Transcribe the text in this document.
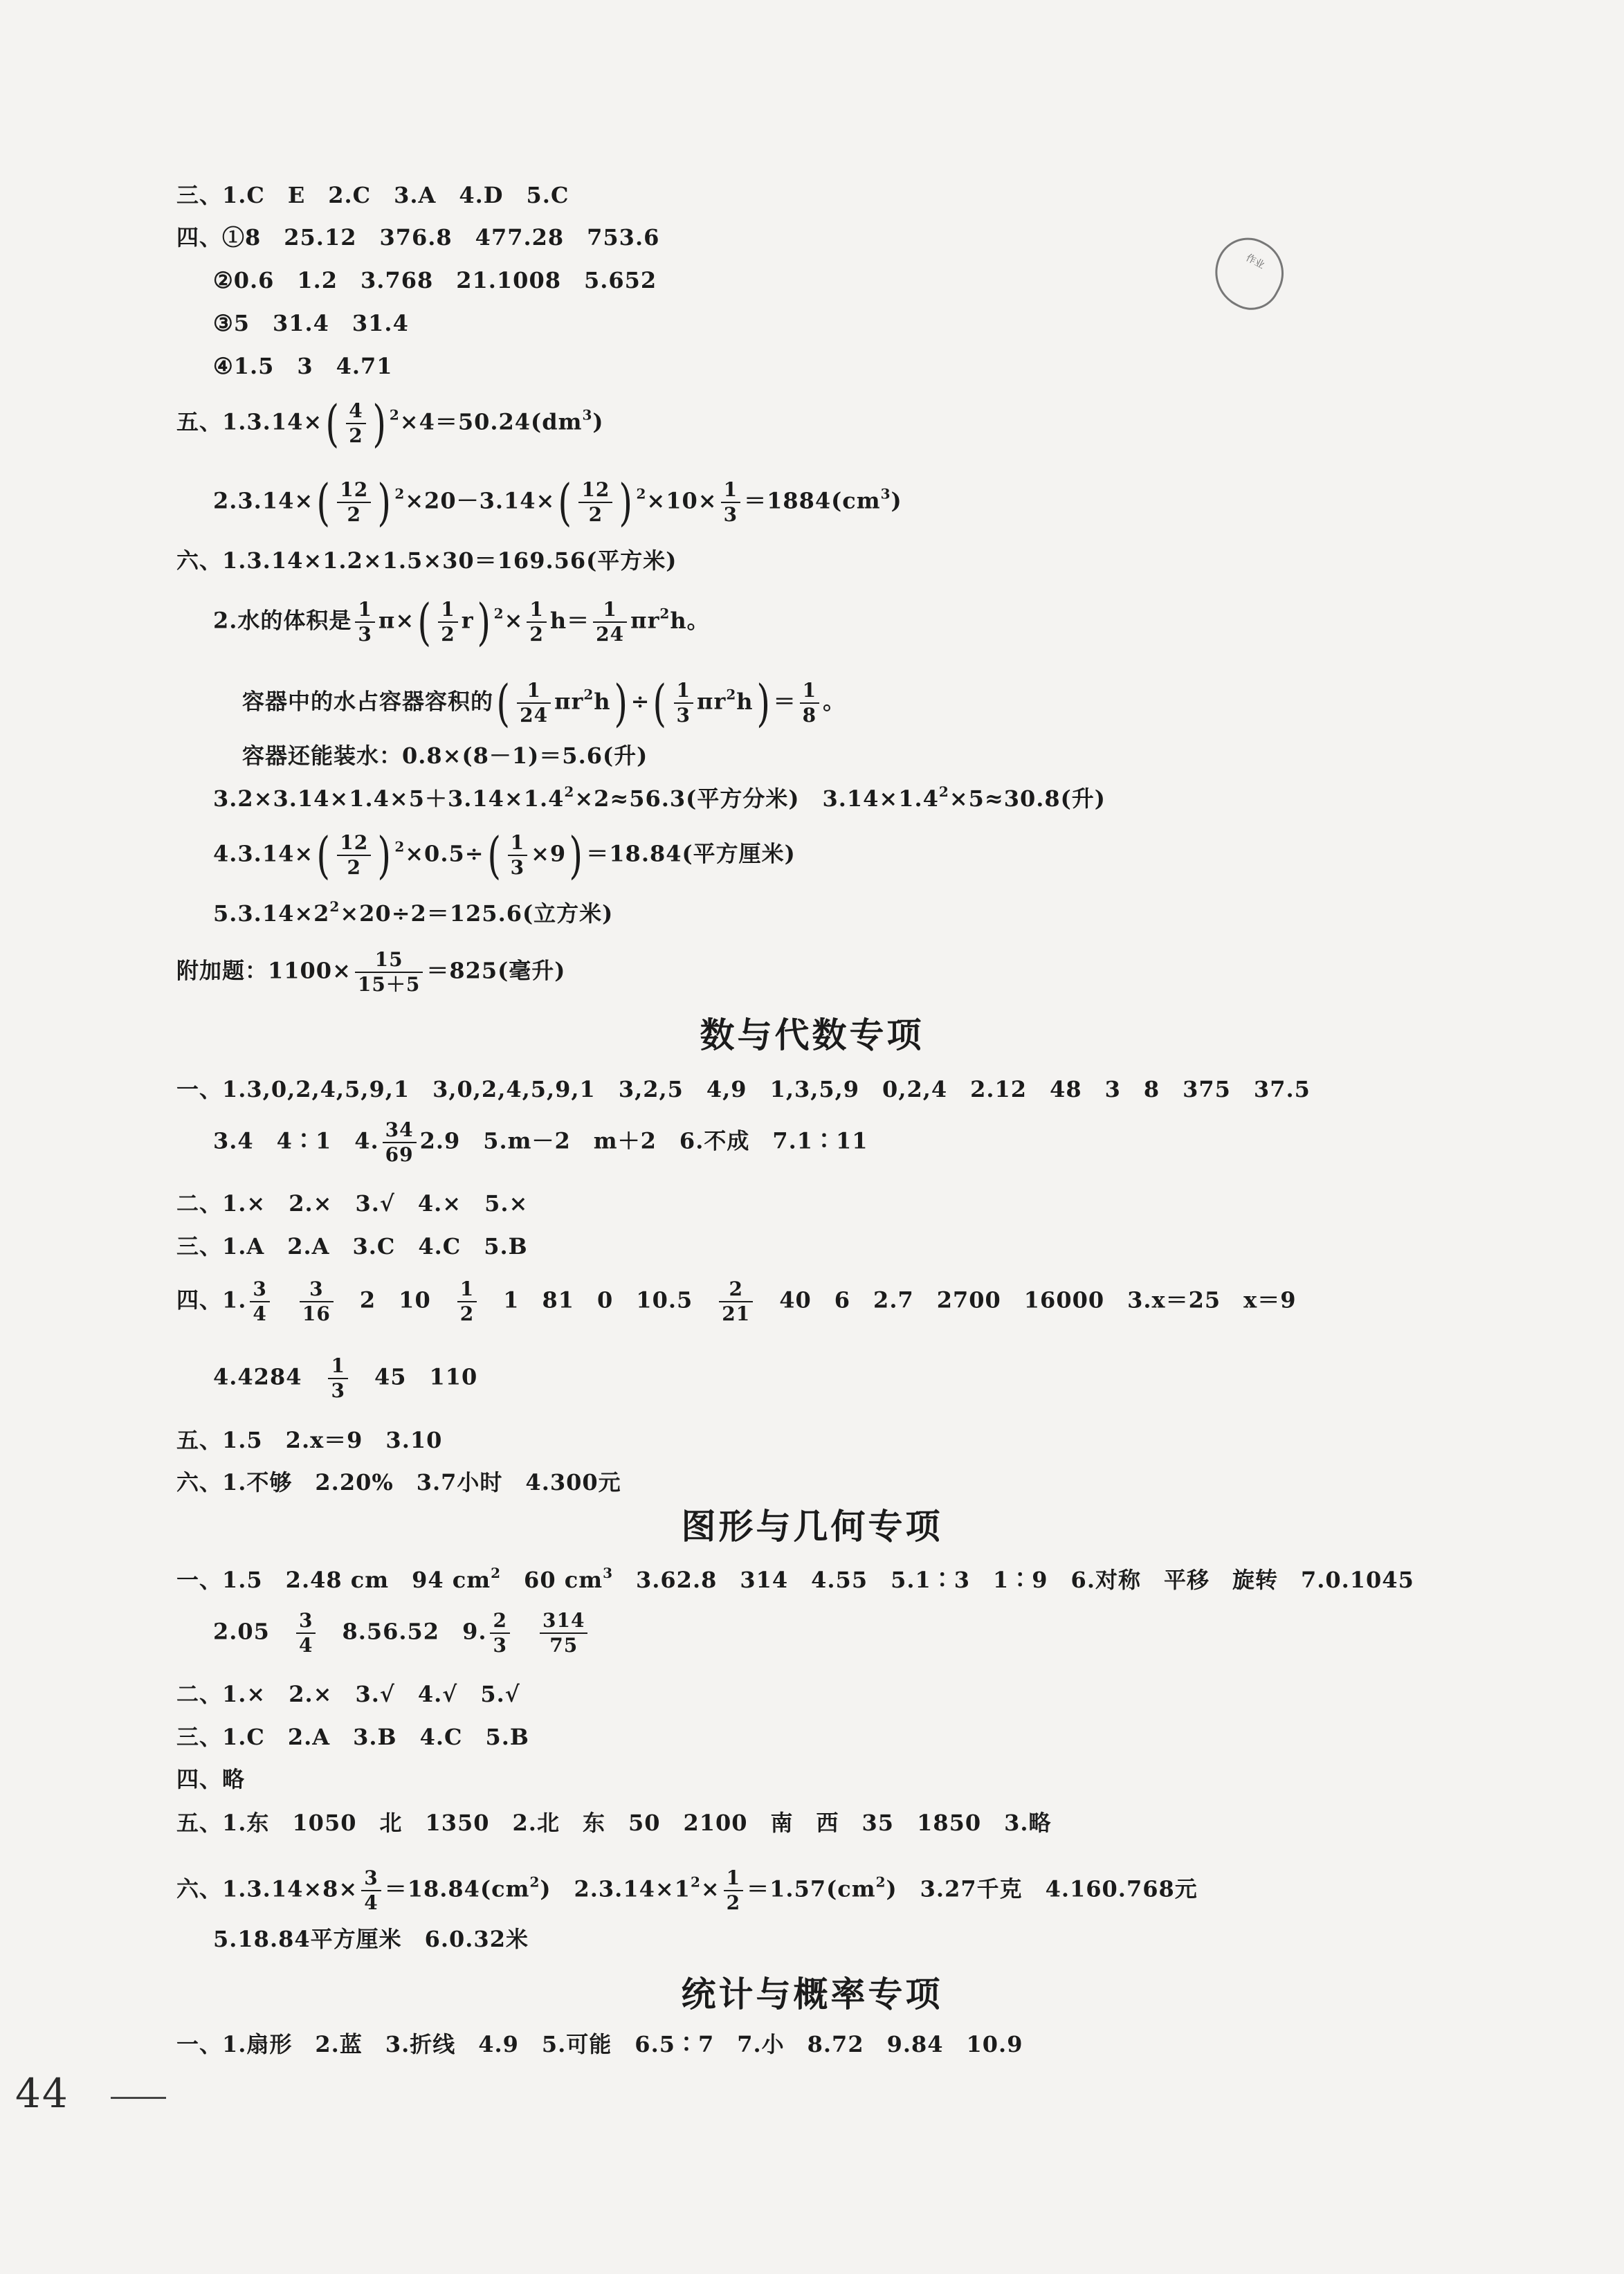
作业
三、1.C　E　2.C　3.A　4.D　5.C
四、①8　25.12　376.8　477.28　753.6
②0.6　1.2　3.768　21.1008　5.652
③5　31.4　31.4
④1.5　3　4.71
五、$1.3.14\times( \frac{4}{2}$ ) $^2\times 4=50.24(dm^3)$
$2.3.14\times( \frac{12}{2}$ ) $^2\times 20-3.14\times( \frac{12}{2}$ ) $^2\times 10\times \frac{1}{3} =1884(cm^3)$
六、1.3.14×1.2×1.5×30＝169.56(平方米)
2.水的体积是 $\frac{1}{3} \pi\times( \frac{1}{2} r)$ $^2\times \frac{1}{2} h= \frac{1}{24} \pi r^2h$。
容器中的水占容器容积的( $\frac{1}{24} \pi r^2h$) ÷( $\frac{1}{3} \pi r^2h) = \frac{1}{8}$ 。
容器还能装水：0.8×(8－1)＝5.6(升)
$3.2\times 3.14\times 1.4\times 5+3.14\times 1.4^2\times 2\approx 56.3$(平方分米)　$3.14\times 1.4^2\times 5\approx 30.8$(升)
$4.3.14\times( \frac{12}{2}$ ) $^2\times 0.5\div( \frac{1}{3} \times 9) =18.84$(平方厘米)
$5.3.14\times 2^2\times 20\div 2=125.6$(立方米)
附加题：$1100\times \frac{15}{15+5} =825$(毫升)
数与代数专项
一、1.3,0,2,4,5,9,1　3,0,2,4,5,9,1　3,2,5　4,9　1,3,5,9　0,2,4　2.12　48　3　8　375　37.5
3.4　4∶1　4. $\frac{34}{69} 2.9$　5.m－2　m＋2　6.不成　7.1∶11
二、1.×　2.×　3.√　4.×　5.×
三、1.A　2.A　3.C　4.C　5.B
四、1. $\frac{3}{4}$
　 $\frac{3}{16}$
　 2　10　 $\frac{1}{2}$
　 1　81　0　10.5　 $\frac{2}{21}$
　 40　6　2.7　2700　16000　3.x＝25　x＝9
4.4284　 $\frac{1}{3}$
　 45　110
五、1.5　2.x＝9　3.10
六、1.不够　2.20%　3.7小时　4.300元
图形与几何专项
一、1.5　2.48 cm　94 $cm^2$　60 $cm^3$　3.62.8　314　4.55　5.1∶3　1∶9　6.对称　平移　旋转　7.0.1045
2.05　 $\frac{3}{4}$
　 8.56.52　9. $\frac{2}{3}$
　 $\frac{314}{75}$
二、1.×　2.×　3.√　4.√　5.√
三、1.C　2.A　3.B　4.C　5.B
四、略
五、1.东　1050　北　1350　2.北　东　50　2100　南　西　35　1850　3.略
六、$1.3.14\times 8\times \frac{3}{4} =18.84(cm^2)$　$2.3.14\times 1^2\times \frac{1}{2} =1.57(cm^2)$　3.27千克　4.160.768元
5.18.84平方厘米　6.0.32米
统计与概率专项
一、1.扇形　2.蓝　3.折线　4.9　5.可能　6.5∶7　7.小　8.72　9.84　10.9
44
